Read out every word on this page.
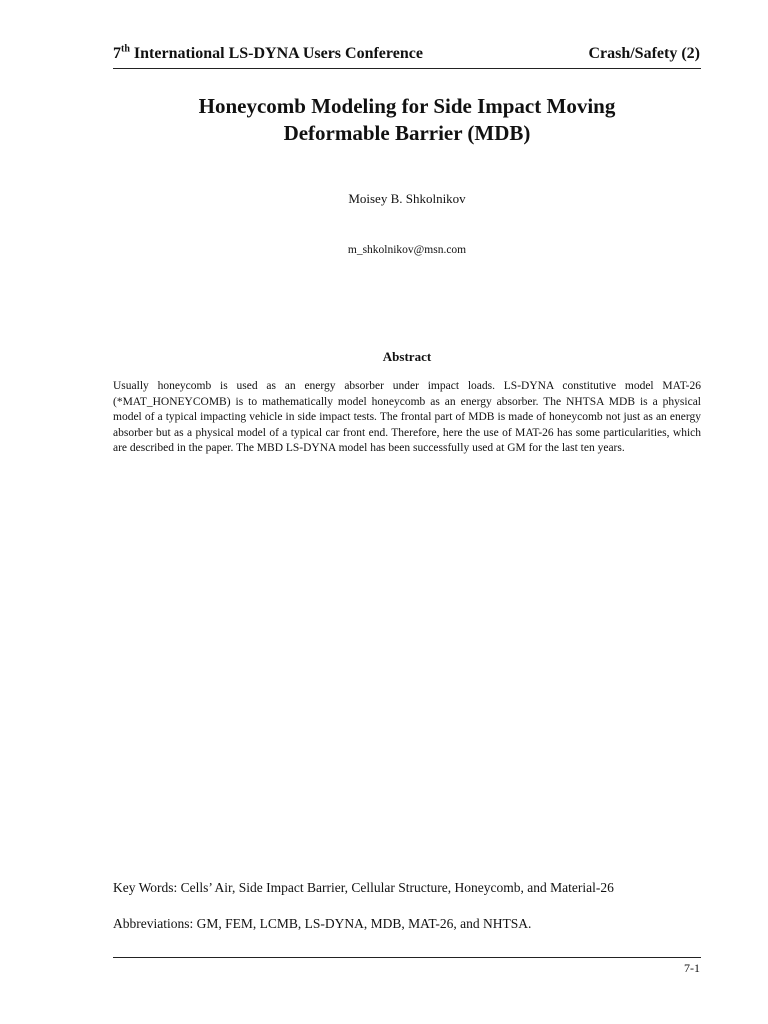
7th International LS-DYNA Users Conference	Crash/Safety (2)
Honeycomb Modeling for Side Impact Moving
Deformable Barrier (MDB)
Moisey B. Shkolnikov
m_shkolnikov@msn.com
Abstract
Usually honeycomb is used as an energy absorber under impact loads. LS-DYNA constitutive model MAT-26 (*MAT_HONEYCOMB) is to mathematically model honeycomb as an energy absorber. The NHTSA MDB is a physical model of a typical impacting vehicle in side impact tests. The frontal part of MDB is made of honeycomb not just as an energy absorber but as a physical model of a typical car front end. Therefore, here the use of MAT-26 has some particularities, which are described in the paper. The MBD LS-DYNA model has been successfully used at GM for the last ten years.
Key Words: Cells’ Air, Side Impact Barrier, Cellular Structure, Honeycomb, and Material-26
Abbreviations: GM, FEM, LCMB, LS-DYNA, MDB, MAT-26, and NHTSA.
7-1
